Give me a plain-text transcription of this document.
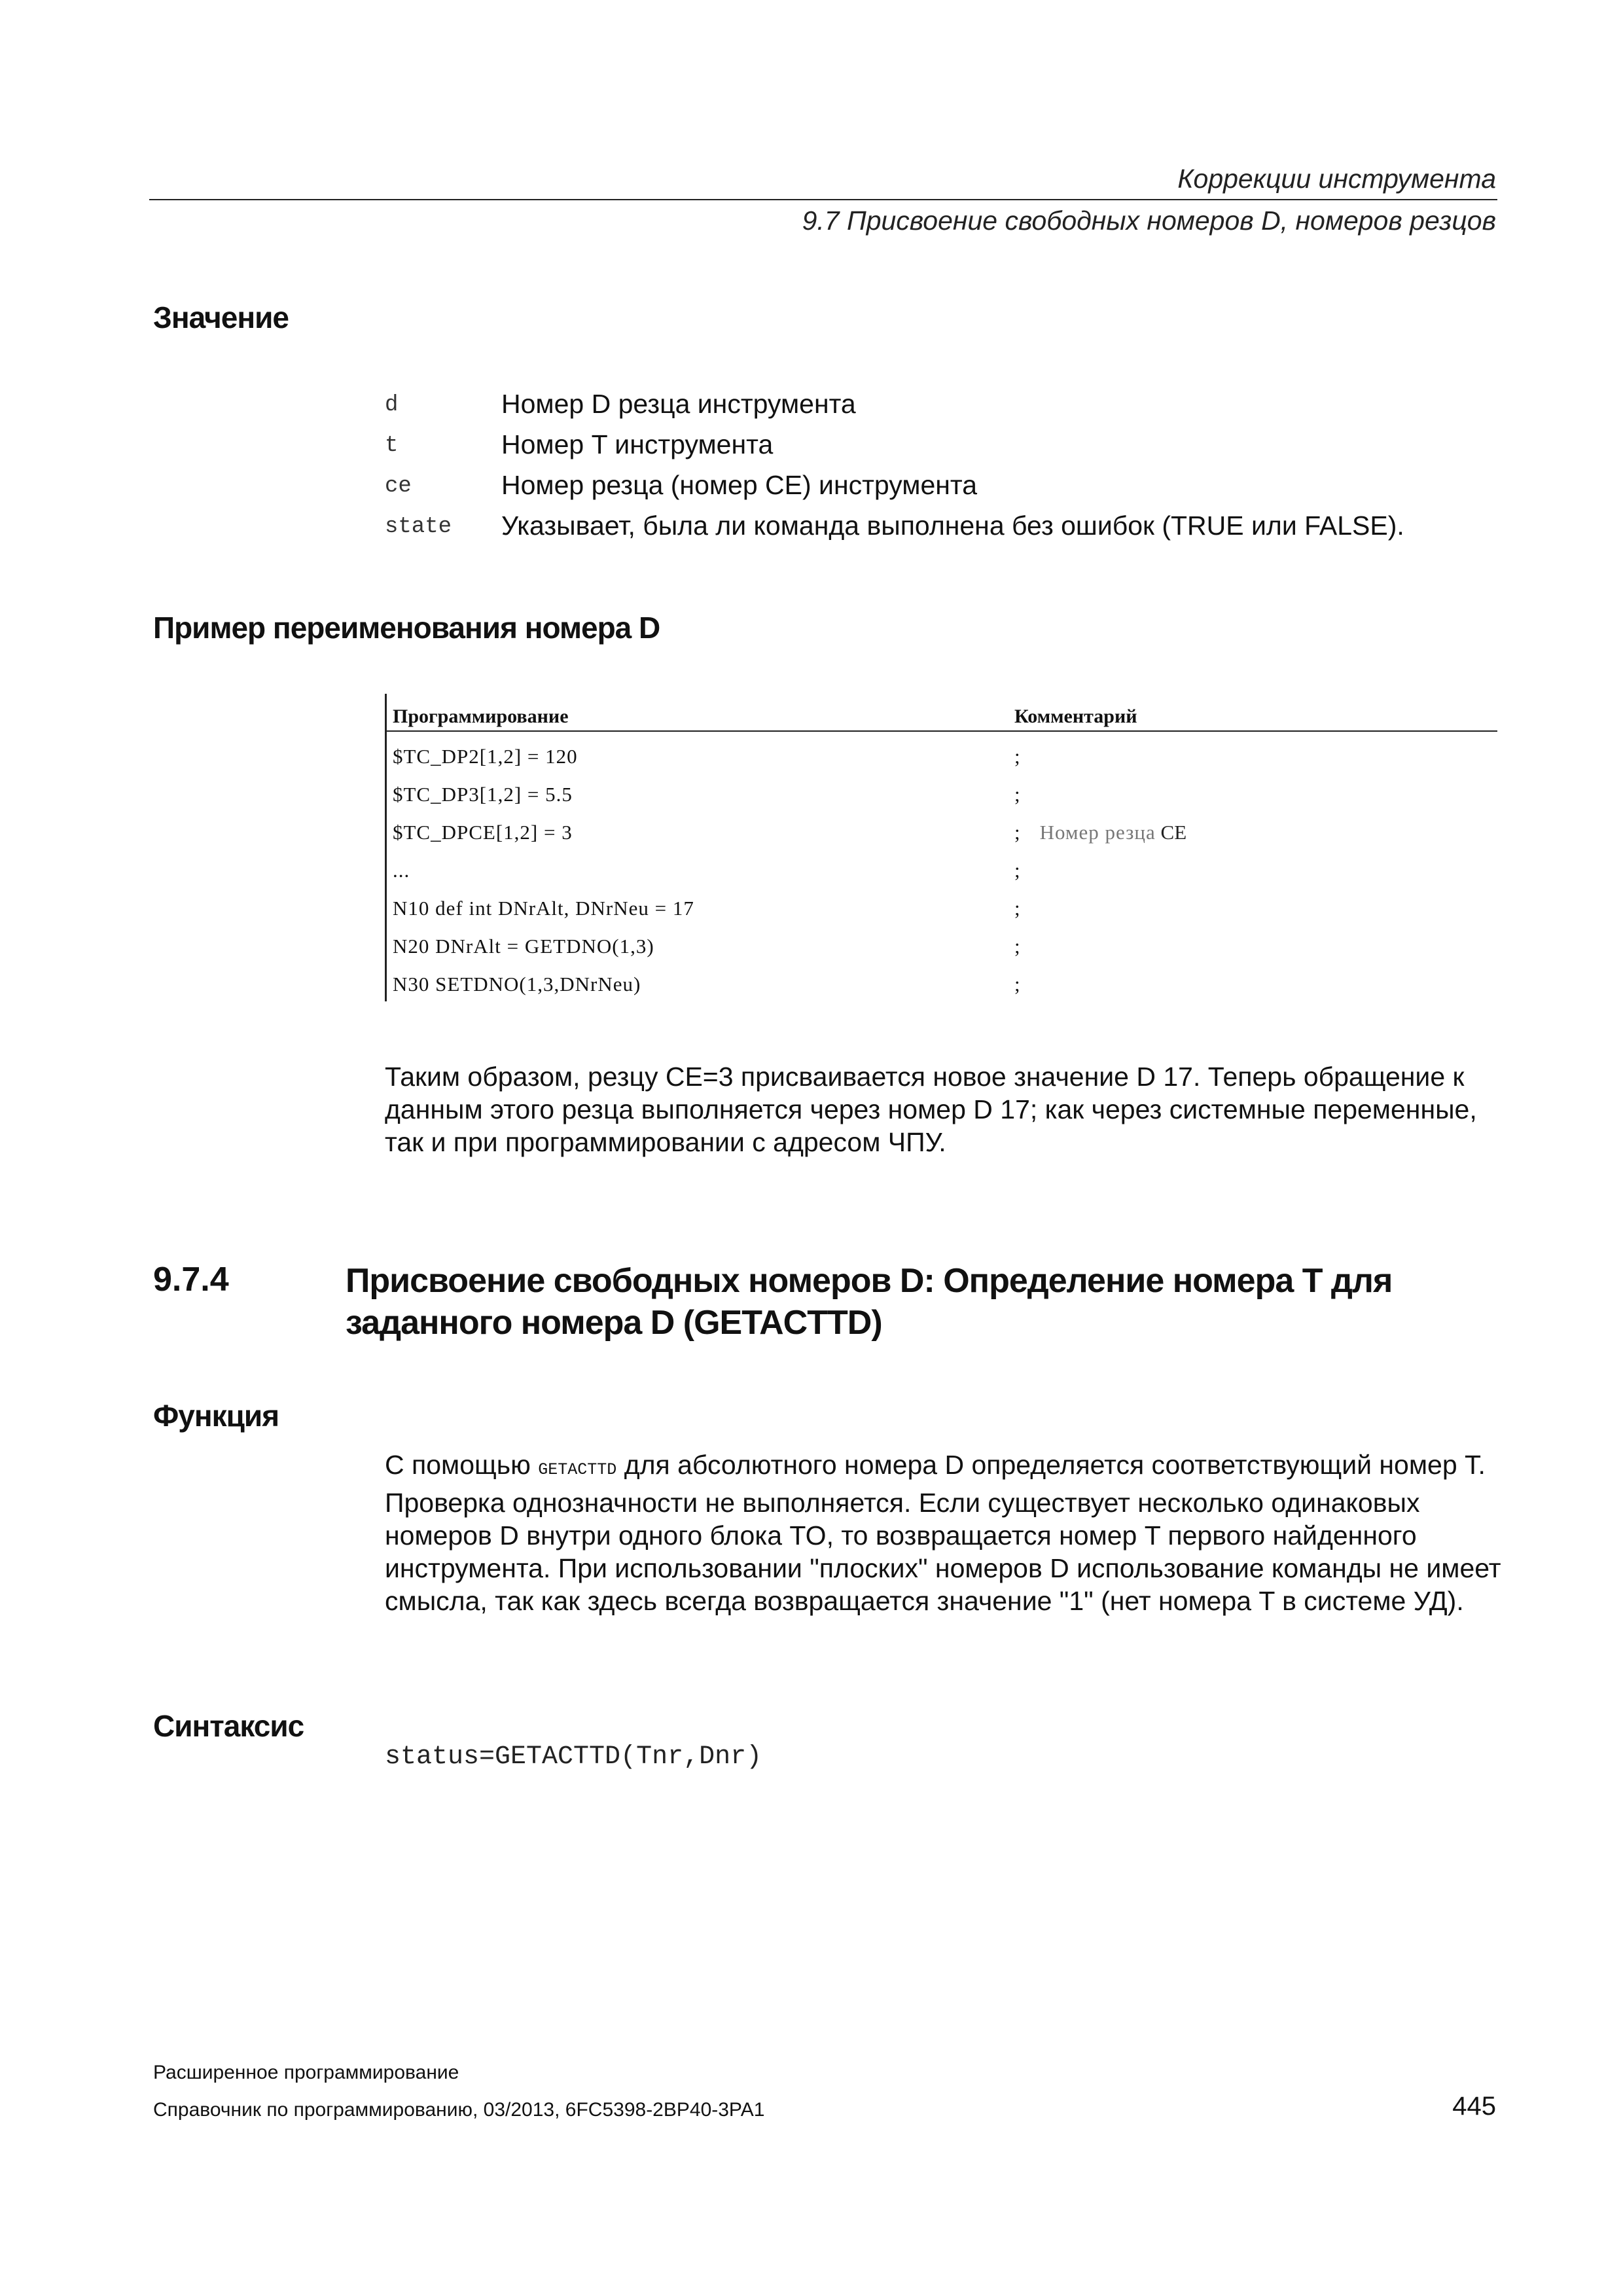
Коррекции инструмента
9.7 Присвоение свободных номеров D, номеров резцов
Значение
d	Номер D резца инструмента
t	Номер T инструмента
ce	Номер резца (номер CE) инструмента
state Указывает, была ли команда выполнена без ошибок (TRUE или FALSE).
Пример переименования номера D
Программирование	Комментарий
$TC_DP2[1,2] = 120	;
$TC_DP3[1,2] = 5.5	;
$TC_DPCE[1,2] = 3	; Номер резца CE
...	;
N10 def int DNrAlt, DNrNeu = 17	;
N20 DNrAlt = GETDNO(1,3)	;
N30 SETDNO(1,3,DNrNeu)	;
Таким образом, резцу CE=3 присваивается новое значение D 17. Теперь обращение к данным этого резца выполняется через номер D 17; как через системные переменные, так и при программировании с адресом ЧПУ.
9.7.4	Присвоение свободных номеров D: Определение номера T для заданного номера D (GETACTTD)
Функция
С помощью GETACTTD для абсолютного номера D определяется соответствующий номер T. Проверка однозначности не выполняется. Если существует несколько одинаковых номеров D внутри одного блока TO, то возвращается номер T первого найденного инструмента. При использовании "плоских" номеров D использование команды не имеет смысла, так как здесь всегда возвращается значение "1" (нет номера T в системе УД).
Синтаксис
status=GETACTTD(Tnr,Dnr)
Расширенное программирование
Справочник по программированию, 03/2013, 6FC5398-2BP40-3PA1	445
